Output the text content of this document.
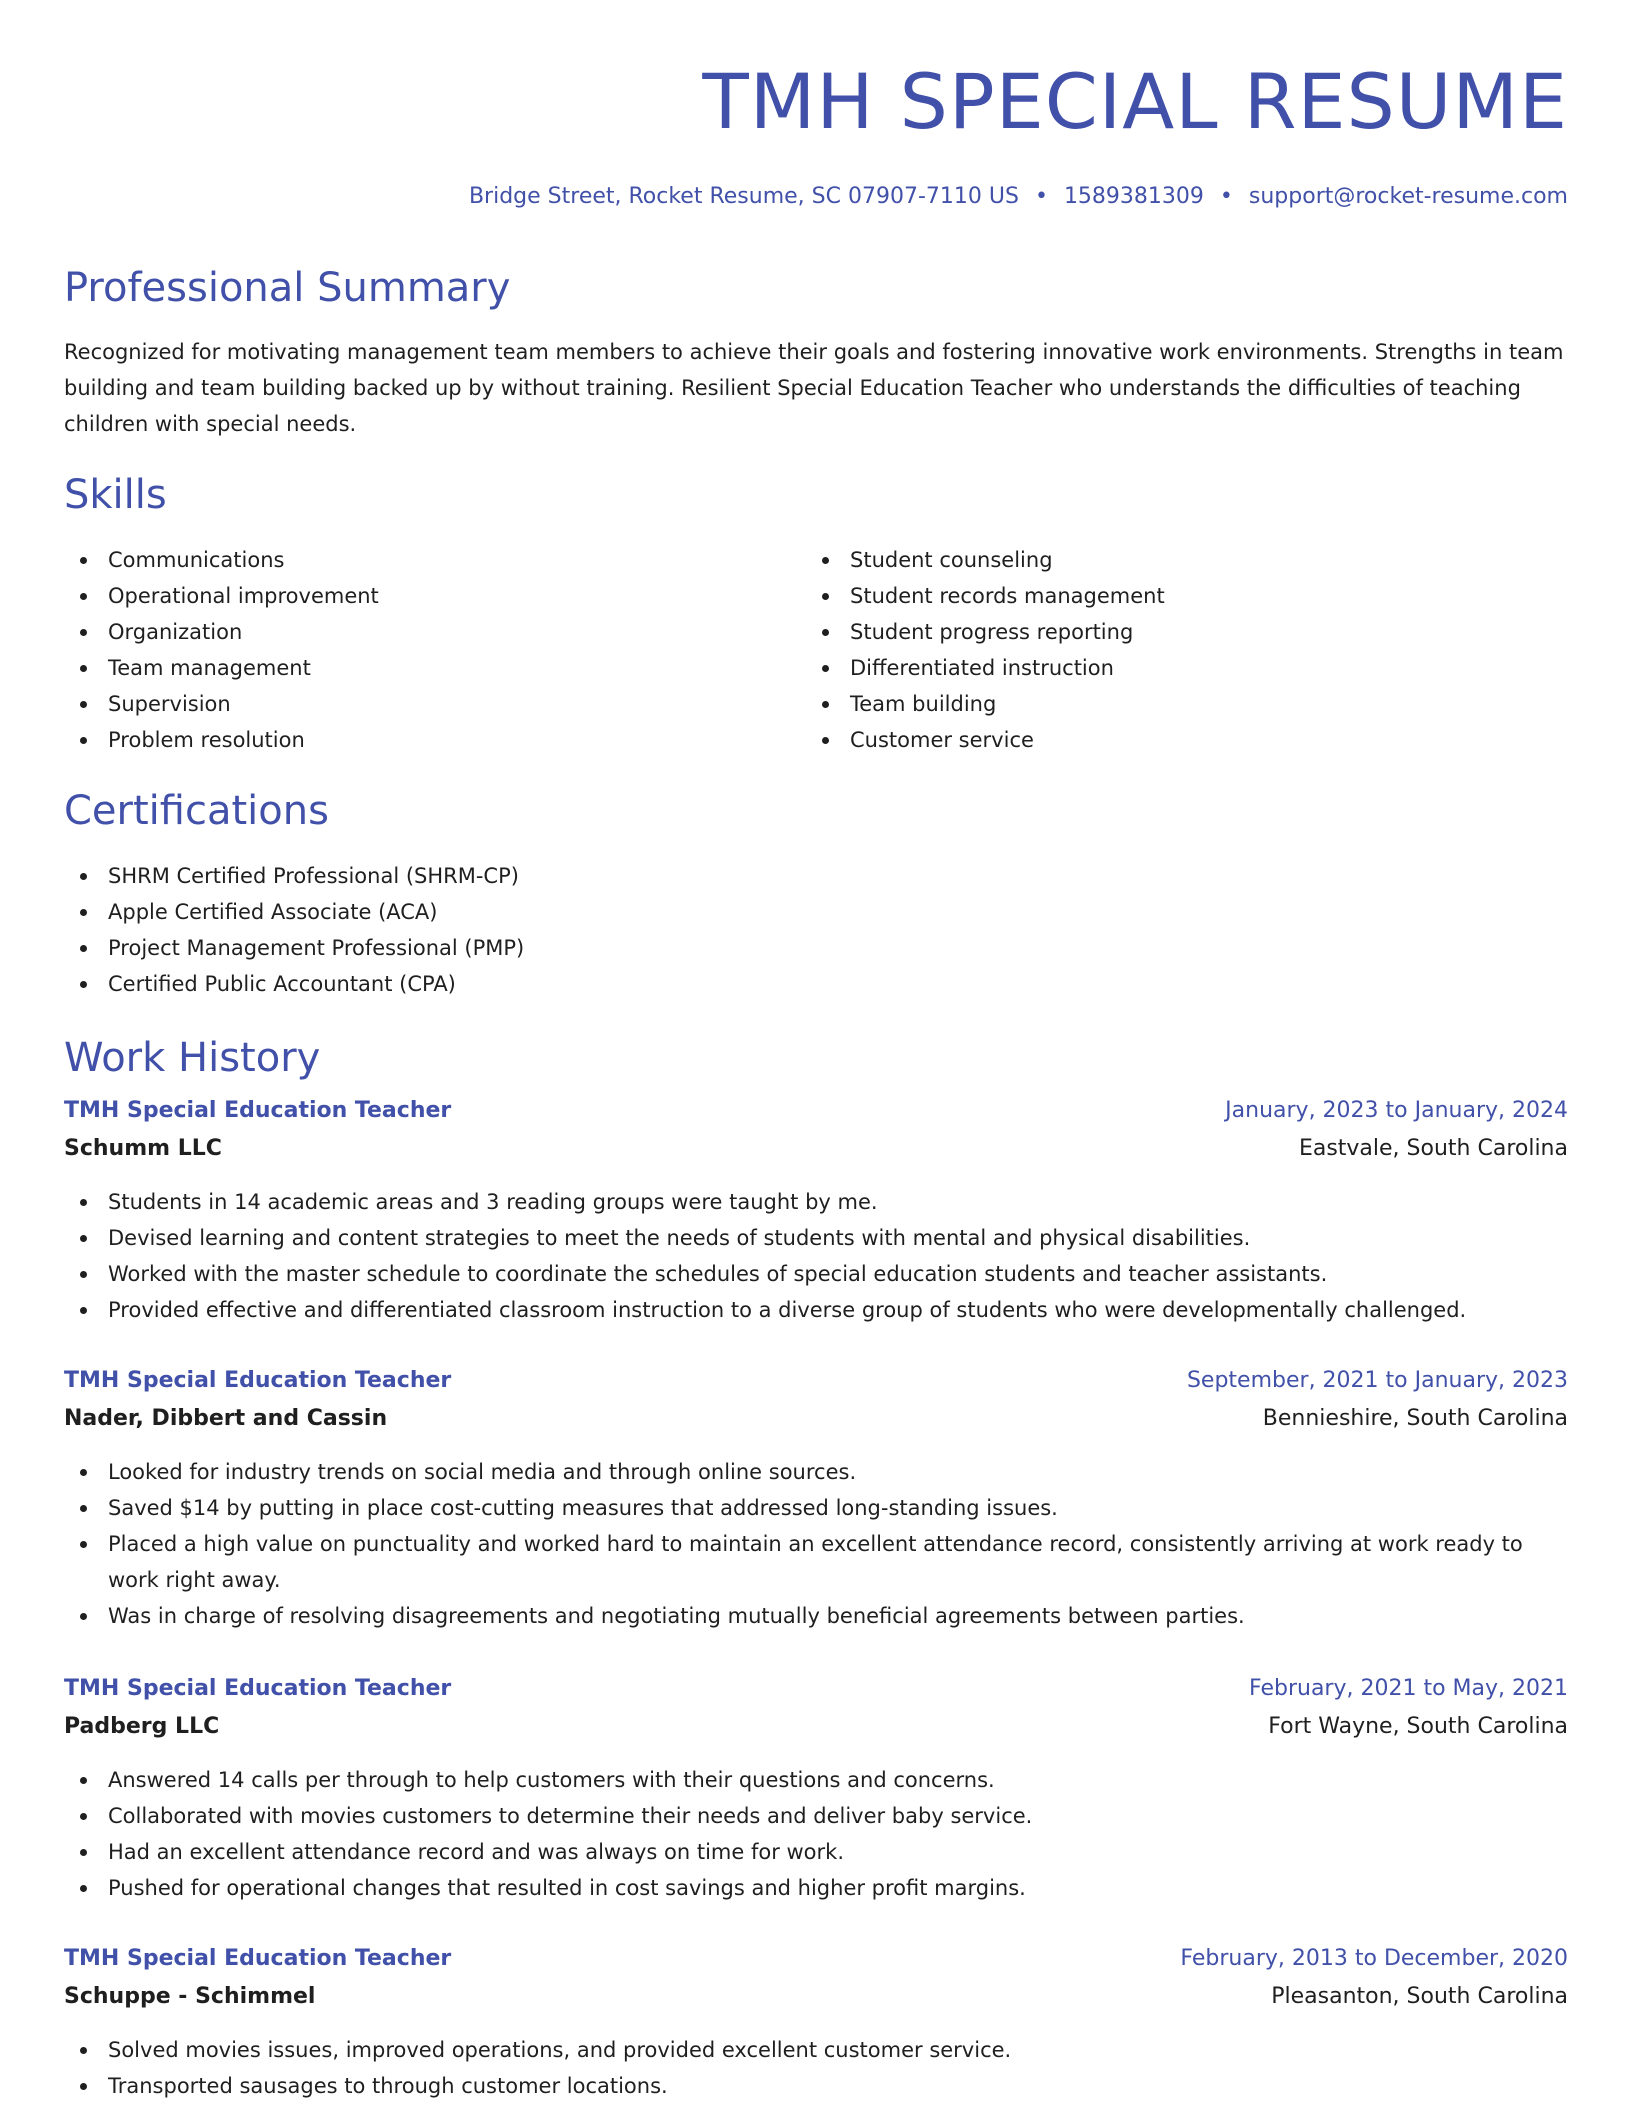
TMH SPECIAL RESUME
Bridge Street, Rocket Resume, SC 07907-7110 US • 1589381309 • support@rocket-resume.com
Professional Summary

Recognized for motivating management team members to achieve their goals and fostering innovative work environments. Strengths in team building and team building backed up by without training. Resilient Special Education Teacher who understands the difficulties of teaching children with special needs.

Skills
Communications
Operational improvement
Organization
Team management
Supervision
Problem resolution
Student counseling
Student records management
Student progress reporting
Differentiated instruction
Team building
Customer service
Certifications
SHRM Certified Professional (SHRM-CP)
Apple Certified Associate (ACA)
Project Management Professional (PMP)
Certified Public Accountant (CPA)
Work History
TMH Special Education Teacher	January, 2023 to January, 2024
Schumm LLC	Eastvale, South Carolina
Students in 14 academic areas and 3 reading groups were taught by me.
Devised learning and content strategies to meet the needs of students with mental and physical disabilities.
Worked with the master schedule to coordinate the schedules of special education students and teacher assistants.
Provided effective and differentiated classroom instruction to a diverse group of students who were developmentally challenged.
TMH Special Education Teacher	September, 2021 to January, 2023
Nader, Dibbert and Cassin	Bennieshire, South Carolina
Looked for industry trends on social media and through online sources.
Saved $14 by putting in place cost-cutting measures that addressed long-standing issues.
Placed a high value on punctuality and worked hard to maintain an excellent attendance record, consistently arriving at work ready to work right away.
Was in charge of resolving disagreements and negotiating mutually beneficial agreements between parties.
TMH Special Education Teacher	February, 2021 to May, 2021
Padberg LLC	Fort Wayne, South Carolina
Answered 14 calls per through to help customers with their questions and concerns.
Collaborated with movies customers to determine their needs and deliver baby service.
Had an excellent attendance record and was always on time for work.
Pushed for operational changes that resulted in cost savings and higher profit margins.
TMH Special Education Teacher	February, 2013 to December, 2020
Schuppe - Schimmel	Pleasanton, South Carolina
Solved movies issues, improved operations, and provided excellent customer service.
Transported sausages to through customer locations.
